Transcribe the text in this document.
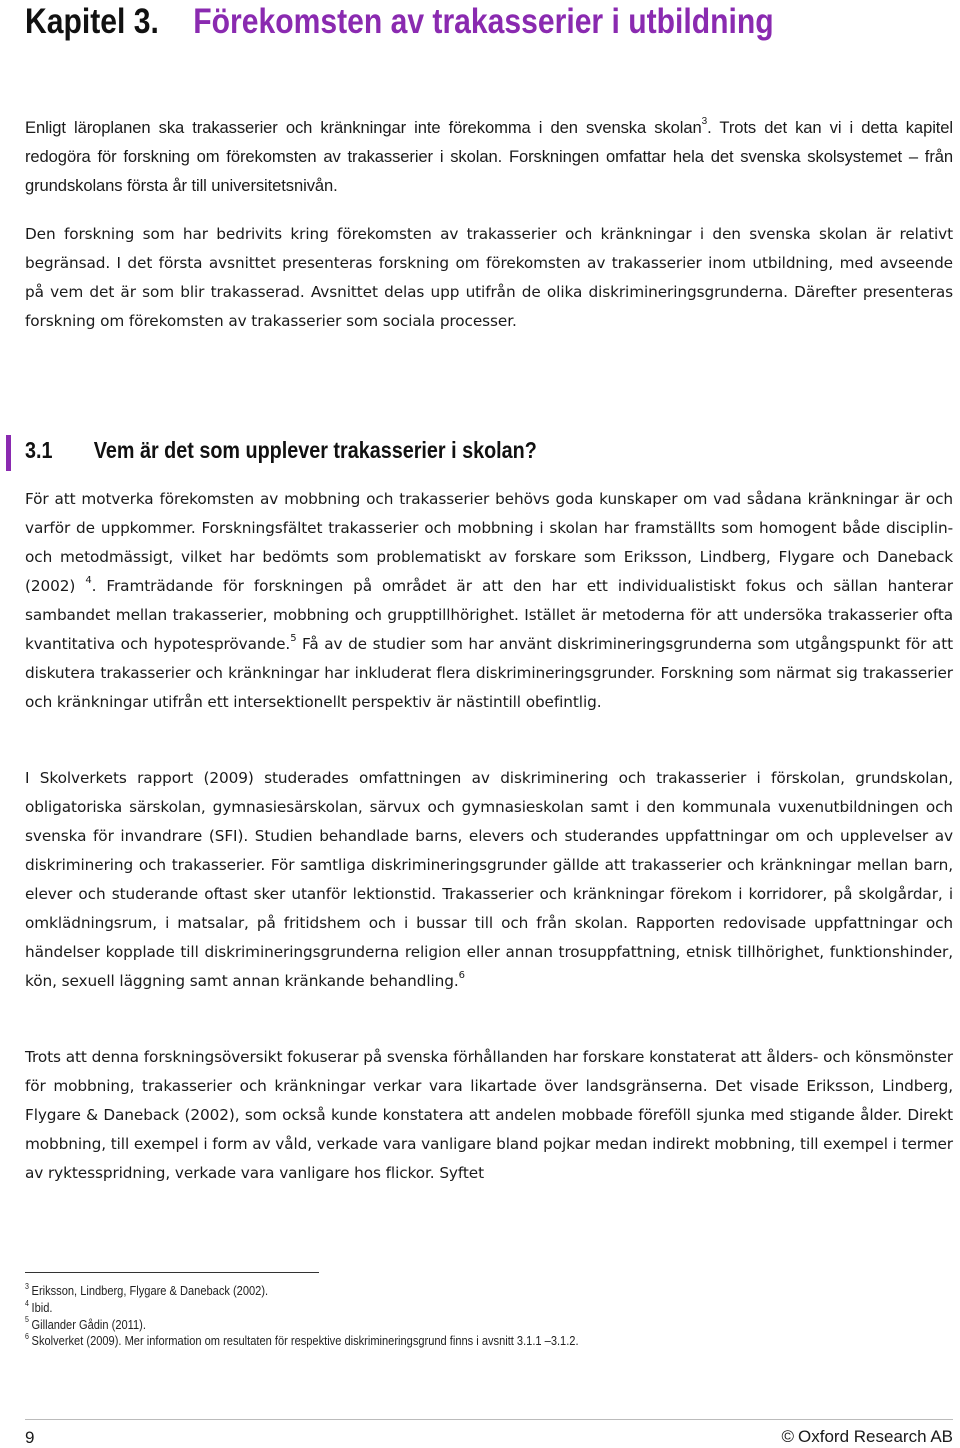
Kapitel 3. Förekomsten av trakasserier i utbildning

Enligt läroplanen ska trakasserier och kränkningar inte förekomma i den svenska skolan$^3$. Trots det kan vi i detta kapitel redogöra för forskning om förekomsten av trakasserier i skolan. Forskningen omfattar hela det svenska skolsystemet – från grundskolans första år till universitetsnivån.

Den forskning som har bedrivits kring förekomsten av trakasserier och kränkningar i den svenska skolan är relativt begränsad. I det första avsnittet presenteras forskning om förekomsten av trakasserier inom utbildning, med avseende på vem det är som blir trakasserad. Avsnittet delas upp utifrån de olika diskrimineringsgrunderna. Därefter presenteras forskning om förekomsten av trakasserier som sociala processer.

3.1 Vem är det som upplever trakasserier i skolan?

För att motverka förekomsten av mobbning och trakasserier behövs goda kunskaper om vad sådana kränkningar är och varför de uppkommer. Forskningsfältet trakasserier och mobbning i skolan har framställts som homogent både disciplin- och metodmässigt, vilket har bedömts som problematiskt av forskare som Eriksson, Lindberg, Flygare och Daneback (2002) $^4$. Framträdande för forskningen på området är att den har ett individualistiskt fokus och sällan hanterar sambandet mellan trakasserier, mobbning och grupptillhörighet. Istället är metoderna för att undersöka trakasserier ofta kvantitativa och hypotesprövande.$^5$ Få av de studier som har använt diskrimineringsgrunderna som utgångspunkt för att diskutera trakasserier och kränkningar har inkluderat flera diskrimineringsgrunder. Forskning som närmat sig trakasserier och kränkningar utifrån ett intersektionellt perspektiv är nästintill obefintlig.

I Skolverkets rapport (2009) studerades omfattningen av diskriminering och trakasserier i förskolan, grundskolan, obligatoriska särskolan, gymnasiesärskolan, särvux och gymnasieskolan samt i den kommunala vuxenutbildningen och svenska för invandrare (SFI). Studien behandlade barns, elevers och studerandes uppfattningar om och upplevelser av diskriminering och trakasserier. För samtliga diskrimineringsgrunder gällde att trakasserier och kränkningar mellan barn, elever och studerande oftast sker utanför lektionstid. Trakasserier och kränkningar förekom i korridorer, på skolgårdar, i omklädningsrum, i matsalar, på fritidshem och i bussar till och från skolan. Rapporten redovisade uppfattningar och händelser kopplade till diskrimineringsgrunderna religion eller annan trosuppfattning, etnisk tillhörighet, funktionshinder, kön, sexuell läggning samt annan kränkande behandling.$^6$

Trots att denna forskningsöversikt fokuserar på svenska förhållanden har forskare konstaterat att ålders- och könsmönster för mobbning, trakasserier och kränkningar verkar vara likartade över landsgränserna. Det visade Eriksson, Lindberg, Flygare & Daneback (2002), som också kunde konstatera att andelen mobbade föreföll sjunka med stigande ålder. Direkt mobbning, till exempel i form av våld, verkade vara vanligare bland pojkar medan indirekt mobbning, till exempel i termer av ryktesspridning, verkade vara vanligare hos flickor. Syftet

$^3$ Eriksson, Lindberg, Flygare & Daneback (2002).
$^4$ Ibid.
$^5$ Gillander Gådin (2011).
$^6$ Skolverket (2009). Mer information om resultaten för respektive diskrimineringsgrund finns i avsnitt 3.1.1 –3.1.2.
9	© Oxford Research AB
